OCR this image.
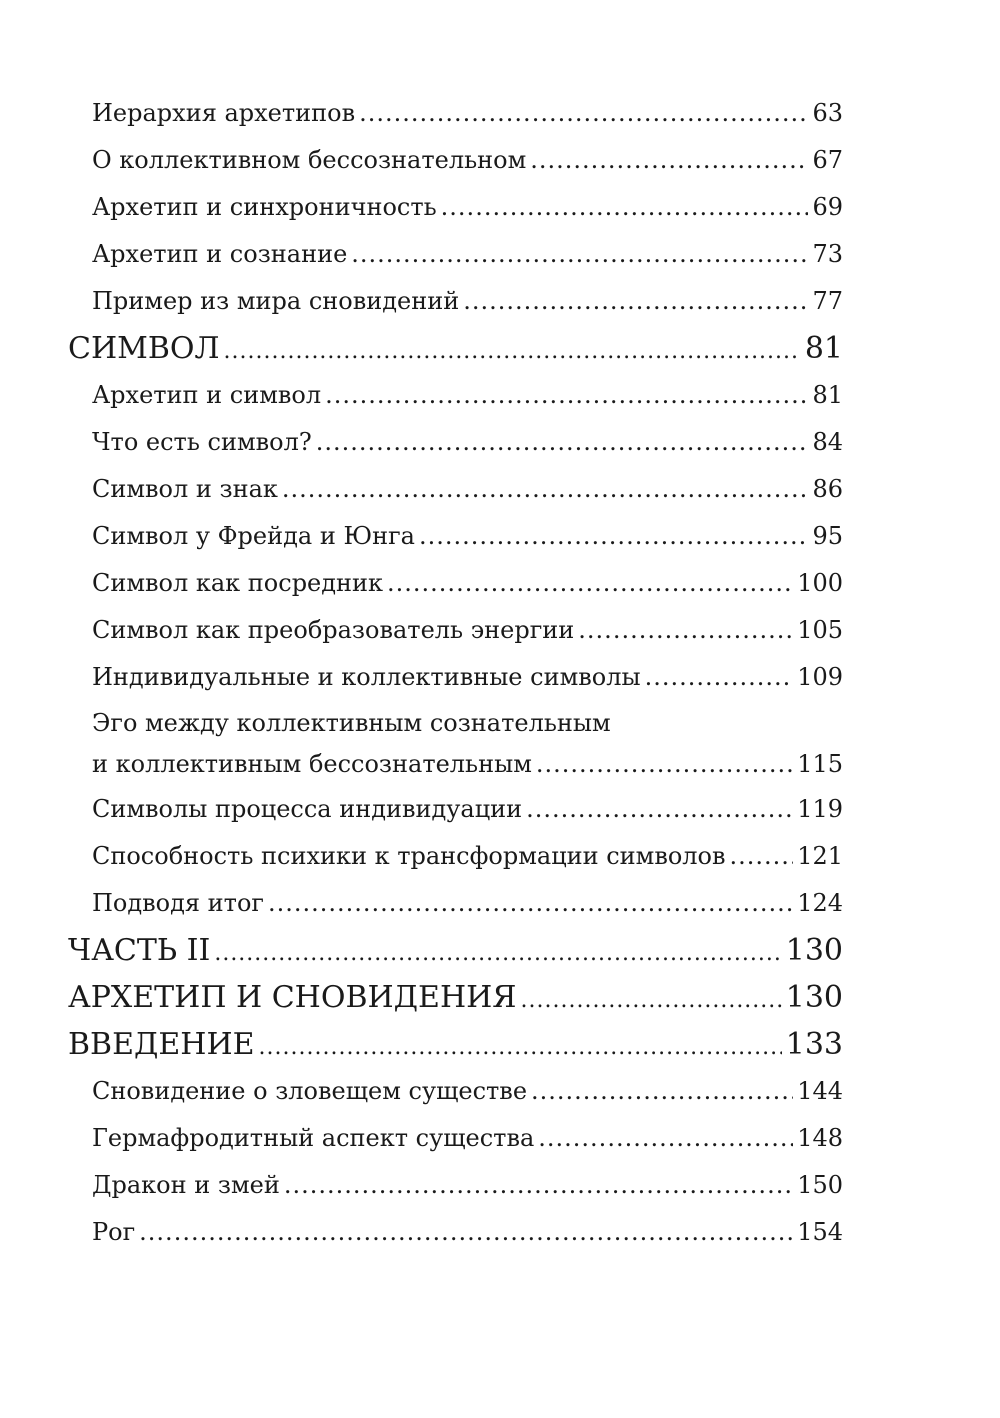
Иерархия архетипов .....	63
О коллективном бессознательном .....	67
Архетип и синхроничность .....	69
Архетип и сознание .....	73
Пример из мира сновидений .....	77
СИМВОЛ .....	81
Архетип и символ .....	81
Что есть символ? .....	84
Символ и знак .....	86
Символ у Фрейда и Юнга .....	95
Символ как посредник .....	100
Символ как преобразователь энергии .....	105
Индивидуальные и коллективные символы .....	109
Эго между коллективным сознательным
и коллективным бессознательным .....	115
Символы процесса индивидуации .....	119
Способность психики к трансформации символов .....	121
Подводя итог .....	124
ЧАСТЬ II .....	130
АРХЕТИП И СНОВИДЕНИЯ .....	130
ВВЕДЕНИЕ .....	133
Сновидение о зловещем существе .....	144
Гермафродитный аспект существа .....	148
Дракон и змей .....	150
Рог .....	154
